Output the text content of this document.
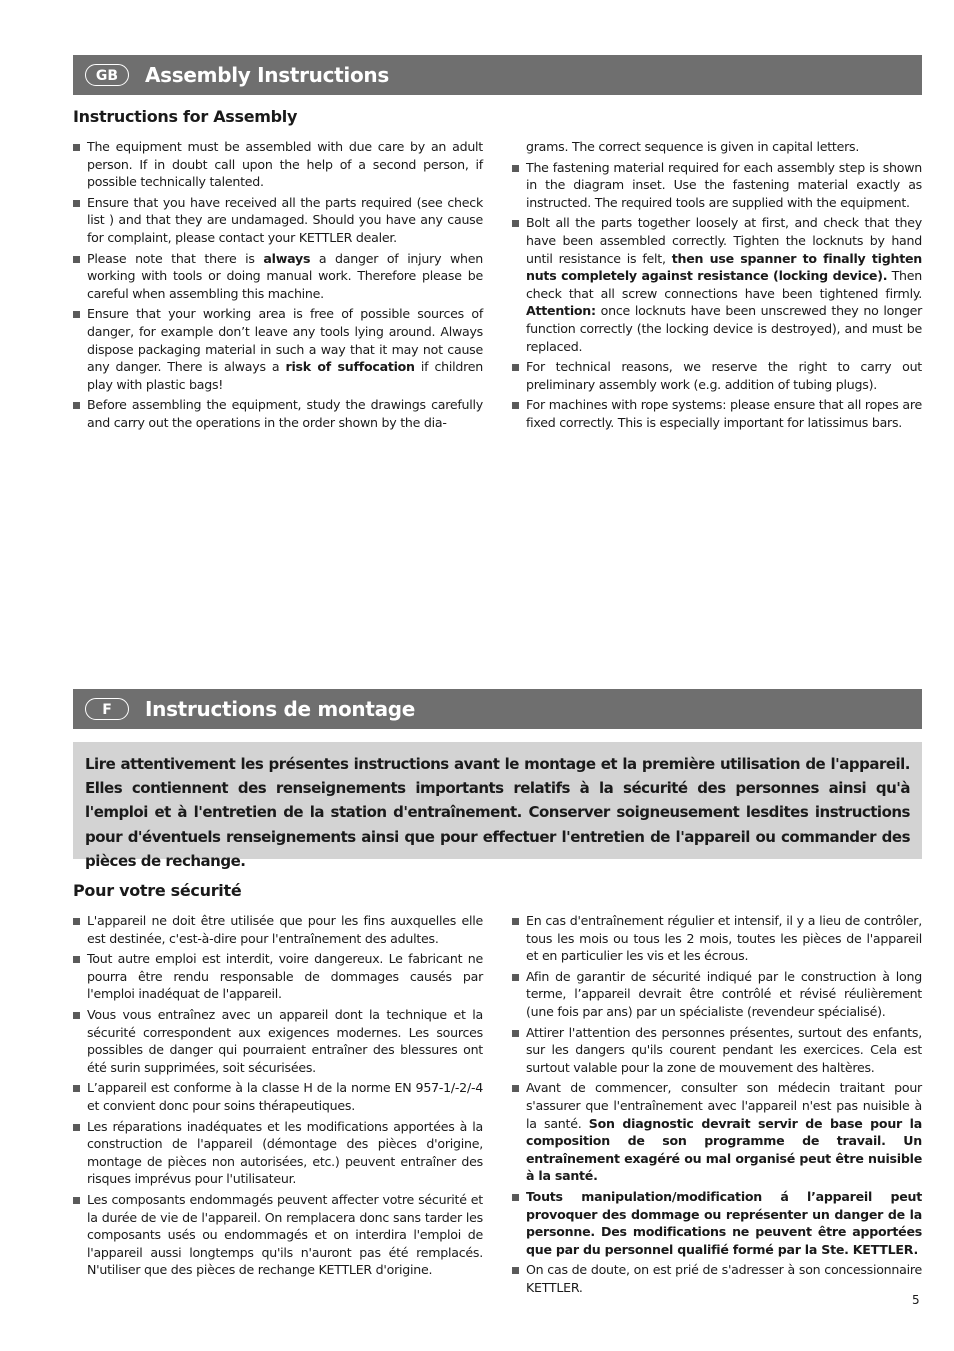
GB	Assembly Instructions
Instructions for Assembly

The equipment must be assembled with due care by an adult person. If in doubt call upon the help of a second person, if possible technically talented.

Ensure that you have received all the parts required (see check list ) and that they are undamaged. Should you have any cause for complaint, please contact your KETTLER dealer.

Please note that there is always a danger of injury when working with tools or doing manual work. Therefore please be careful when assembling this machine.

Ensure that your working area is free of possible sources of danger, for example don’t leave any tools lying around. Always dispose packaging material in such a way that it may not cause any danger. There is always a risk of suffocation if children play with plastic bags!

Before assembling the equipment, study the drawings carefully and carry out the operations in the order shown by the dia-

grams. The correct sequence is given in capital letters.

The fastening material required for each assembly step is shown in the diagram inset. Use the fastening material exactly as instructed. The required tools are supplied with the equipment.

Bolt all the parts together loosely at first, and check that they have been assembled correctly. Tighten the locknuts by hand until resistance is felt, then use spanner to finally tighten nuts completely against resistance (locking device). Then check that all screw connections have been tightened firmly. Attention: once locknuts have been unscrewed they no longer function correctly (the locking device is destroyed), and must be replaced.

For technical reasons, we reserve the right to carry out preliminary assembly work (e.g. addition of tubing plugs).

For machines with rope systems: please ensure that all ropes are fixed correctly. This is especially important for latissimus bars.

F	Instructions de montage
Lire attentivement les présentes instructions avant le montage et la première utilisation de l'appareil. Elles contiennent des renseignements importants relatifs à la sécurité des personnes ainsi qu'à l'emploi et à l'entretien de la station d'entraînement. Conserver soigneusement lesdites instructions pour d'éventuels renseignements ainsi que pour effectuer l'entretien de l'appareil ou commander des pièces de rechange.
Pour votre sécurité

L'appareil ne doit être utilisée que pour les fins auxquelles elle est destinée, c'est-à-dire pour l'entraînement des adultes.

Tout autre emploi est interdit, voire dangereux. Le fabricant ne pourra être rendu responsable de dommages causés par l'emploi inadéquat de l'appareil.

Vous vous entraînez avec un appareil dont la technique et la sécurité correspondent aux exigences modernes. Les sources possibles de danger qui pourraient entraîner des blessures ont été surin supprimées, soit sécurisées.

L’appareil est conforme à la classe H de la norme EN 957-1/-2/-4 et convient donc pour soins thérapeutiques.

Les réparations inadéquates et les modifications apportées à la construction de l'appareil (démontage des pièces d'origine, montage de pièces non autorisées, etc.) peuvent entraîner des risques imprévus pour l'utilisateur.

Les composants endommagés peuvent affecter votre sécurité et la durée de vie de l'appareil. On remplacera donc sans tarder les composants usés ou endommagés et on interdira l'emploi de l'appareil aussi longtemps qu'ils n'auront pas été remplacés. N'utiliser que des pièces de rechange KETTLER d'origine.

En cas d'entraînement régulier et intensif, il y a lieu de contrôler, tous les mois ou tous les 2 mois, toutes les pièces de l'appareil et en particulier les vis et les écrous.

Afin de garantir de sécurité indiqué par le construction à long terme, l’appareil devrait être contrôlé et révisé réulièrement (une fois par ans) par un spécialiste (revendeur spécialisé).

Attirer l'attention des personnes présentes, surtout des enfants, sur les dangers qu'ils courent pendant les exercices. Cela est surtout valable pour la zone de mouvement des haltères.

Avant de commencer, consulter son médecin traitant pour s'assurer que l'entraînement avec l'appareil n'est pas nuisible à la santé. Son diagnostic devrait servir de base pour la composition de son programme de travail. Un entraînement exagéré ou mal organisé peut être nuisible à la santé.

Touts manipulation/modification á l’appareil peut provoquer des dommage ou représenter un danger de la personne. Des modifications ne peuvent être apportées que par du personnel qualifié formé par la Ste. KETTLER.

On cas de doute, on est prié de s'adresser à son concessionnaire KETTLER.

5
